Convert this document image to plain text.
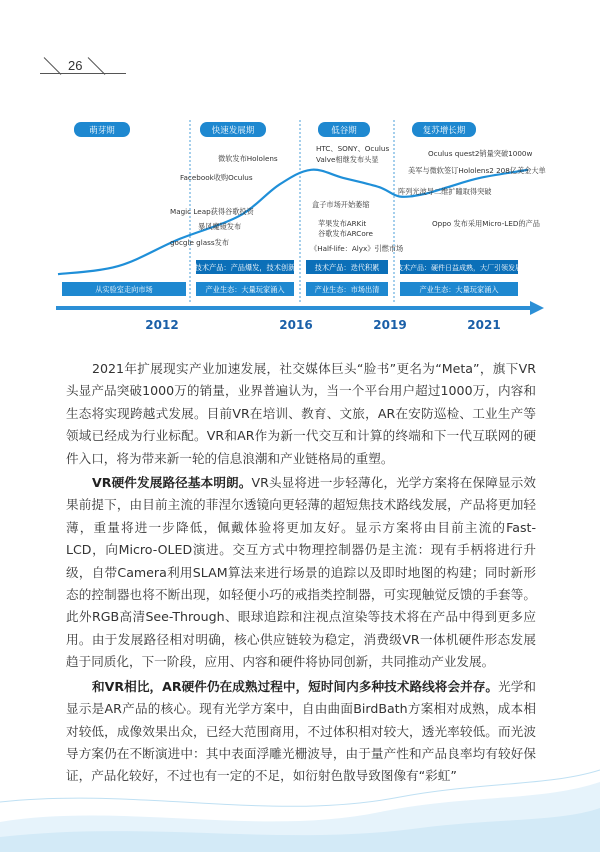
26
萌芽期	快速发展期	低谷期	复苏增长期
Magic Leap获得谷歌投资
暴风魔镜发布
gocgle glass发布
Facebook收购Oculus
微软发布Hololens
HTC、SONY、Oculus
Valve相继发布头显
盒子市场开始萎缩
苹果发布ARKit
谷歌发布ARCore
《Half-life：Alyx》引燃市场
Oculus quest2销量突破1000w
美军与微软签订Hololens2 208亿美金大单
阵列光波导二维扩瞳取得突破
Oppo 发布采用Micro-LED的产品
技术产品：产品爆发，技术创新	技术产品：迭代积累 技术产品：硬件日益成熟，大厂引领发展
从实验室走向市场	产业生态：大量玩家涌入	产业生态：市场出清	产业生态：大量玩家涌入
2012	2016	2019	2021

2021年扩展现实产业加速发展，社交媒体巨头“脸书”更名为“Meta”，旗下VR头显产品突破1000万的销量，业界普遍认为，当一个平台用户超过1000万，内容和生态将实现跨越式发展。目前VR在培训、教育、文旅，AR在安防巡检、工业生产等领域已经成为行业标配。VR和AR作为新一代交互和计算的终端和下一代互联网的硬件入口，将为带来新一轮的信息浪潮和产业链格局的重塑。

VR硬件发展路径基本明朗。VR头显将进一步轻薄化，光学方案将在保障显示效果前提下，由目前主流的菲涅尔透镜向更轻薄的超短焦技术路线发展，产品将更加轻薄，重量将进一步降低，佩戴体验将更加友好。显示方案将由目前主流的Fast-LCD，向Micro-OLED演进。交互方式中物理控制器仍是主流：现有手柄将进行升级，自带Camera利用SLAM算法来进行场景的追踪以及即时地图的构建；同时新形态的控制器也将不断出现，如轻便小巧的戒指类控制器，可实现触觉反馈的手套等。此外RGB高清See-Through、眼球追踪和注视点渲染等技术将在产品中得到更多应用。由于发展路径相对明确，核心供应链较为稳定，消费级VR一体机硬件形态发展趋于同质化，下一阶段，应用、内容和硬件将协同创新，共同推动产业发展。

和VR相比，AR硬件仍在成熟过程中，短时间内多种技术路线将会并存。光学和显示是AR产品的核心。现有光学方案中，自由曲面BirdBath方案相对成熟，成本相对较低，成像效果出众，已经大范围商用，不过体积相对较大，透光率较低。而光波导方案仍在不断演进中：其中表面浮雕光栅波导，由于量产性和产品良率均有较好保证，产品化较好，不过也有一定的不足，如衍射色散导致图像有“彩虹”
